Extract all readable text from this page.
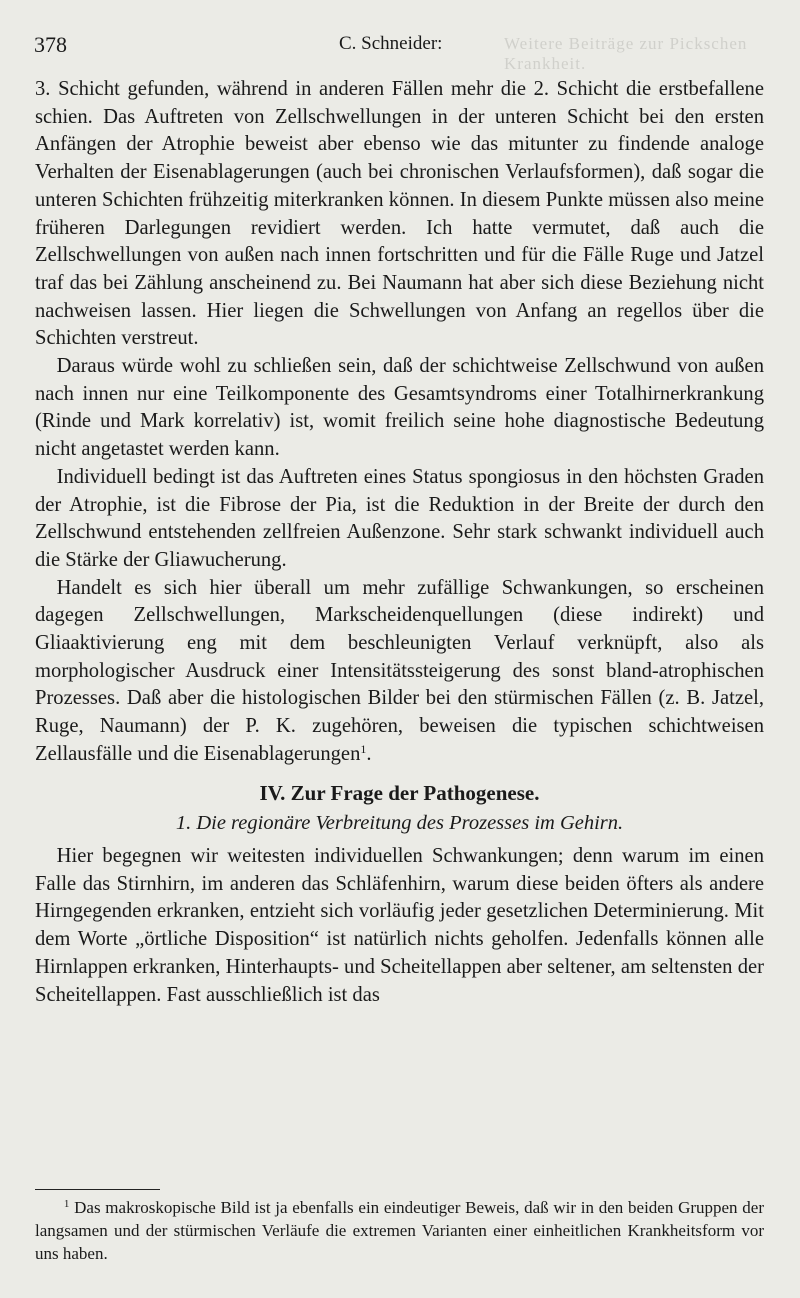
378	C. Schneider:	Weitere Beiträge zur Pickschen Krankheit.

3. Schicht gefunden, während in anderen Fällen mehr die 2. Schicht die erstbefallene schien. Das Auftreten von Zellschwellungen in der unteren Schicht bei den ersten Anfängen der Atrophie beweist aber ebenso wie das mitunter zu findende analoge Verhalten der Eisenablagerungen (auch bei chronischen Verlaufsformen), daß sogar die unteren Schichten frühzeitig miterkranken können. In diesem Punkte müssen also meine früheren Darlegungen revidiert werden. Ich hatte vermutet, daß auch die Zellschwellungen von außen nach innen fortschritten und für die Fälle Ruge und Jatzel traf das bei Zählung anscheinend zu. Bei Naumann hat aber sich diese Beziehung nicht nachweisen lassen. Hier liegen die Schwellungen von Anfang an regellos über die Schichten verstreut.

Daraus würde wohl zu schließen sein, daß der schichtweise Zellschwund von außen nach innen nur eine Teilkomponente des Gesamtsyndroms einer Totalhirnerkrankung (Rinde und Mark korrelativ) ist, womit freilich seine hohe diagnostische Bedeutung nicht angetastet werden kann.

Individuell bedingt ist das Auftreten eines Status spongiosus in den höchsten Graden der Atrophie, ist die Fibrose der Pia, ist die Reduktion in der Breite der durch den Zellschwund entstehenden zellfreien Außenzone. Sehr stark schwankt individuell auch die Stärke der Gliawucherung.

Handelt es sich hier überall um mehr zufällige Schwankungen, so erscheinen dagegen Zellschwellungen, Markscheidenquellungen (diese indirekt) und Gliaaktivierung eng mit dem beschleunigten Verlauf verknüpft, also als morphologischer Ausdruck einer Intensitätssteigerung des sonst bland-atrophischen Prozesses. Daß aber die histologischen Bilder bei den stürmischen Fällen (z. B. Jatzel, Ruge, Naumann) der P. K. zugehören, beweisen die typischen schichtweisen Zellausfälle und die Eisenablagerungen$^1$.

IV. Zur Frage der Pathogenese.
1. Die regionäre Verbreitung des Prozesses im Gehirn.

Hier begegnen wir weitesten individuellen Schwankungen; denn warum im einen Falle das Stirnhirn, im anderen das Schläfenhirn, warum diese beiden öfters als andere Hirngegenden erkranken, entzieht sich vorläufig jeder gesetzlichen Determinierung. Mit dem Worte „örtliche Disposition“ ist natürlich nichts geholfen. Jedenfalls können alle Hirnlappen erkranken, Hinterhaupts- und Scheitellappen aber seltener, am seltensten der Scheitellappen. Fast ausschließlich ist das

$^1$ Das makroskopische Bild ist ja ebenfalls ein eindeutiger Beweis, daß wir in den beiden Gruppen der langsamen und der stürmischen Verläufe die extremen Varianten einer einheitlichen Krankheitsform vor uns haben.
